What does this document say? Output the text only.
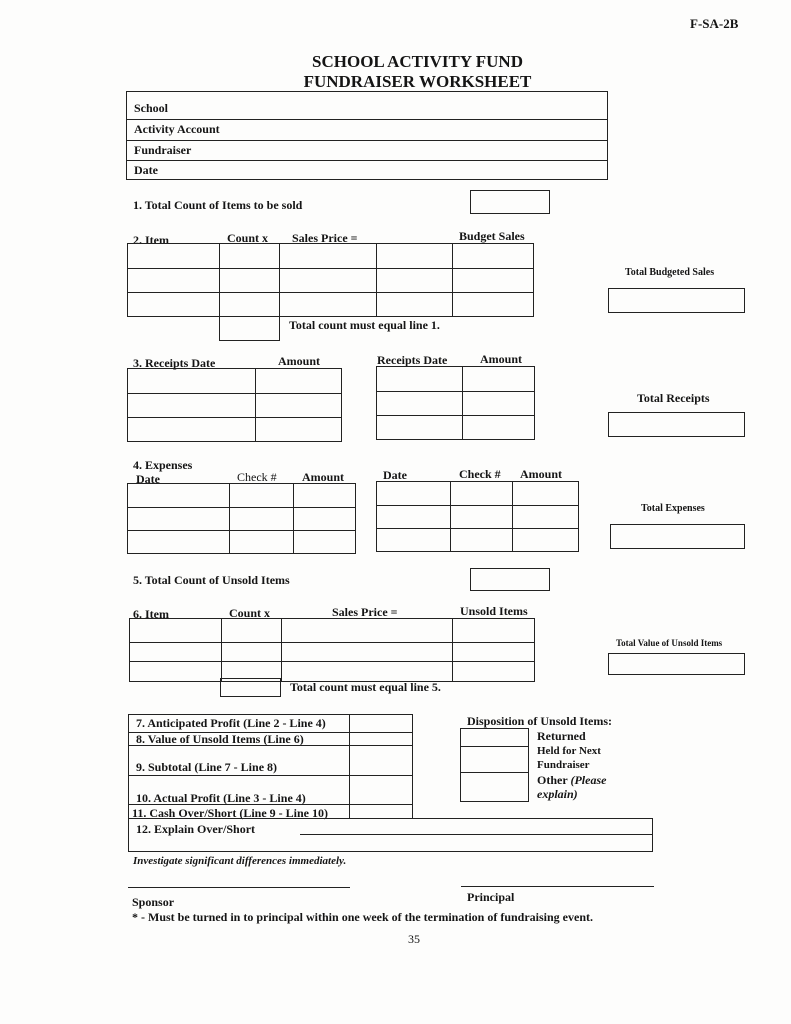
F-SA-2B
SCHOOL ACTIVITY FUND
FUNDRAISER WORKSHEET
School
Activity Account
Fundraiser
Date
1. Total Count of Items to be sold
2. Item	Count x Sales Price =	Budget Sales

Total count must equal line 1.
Total Budgeted Sales
3. Receipts Date	Amount	Receipts Date	Amount

Total Receipts
4. Expenses
Date	Check # Amount	Date	Check # Amount

Total Expenses
5. Total Count of Unsold Items
6. Item	Count x	Sales Price =	Unsold Items

Total count must equal line 5.
Total Value of Unsold Items
7. Anticipated Profit (Line 2 - Line 4)
8. Value of Unsold Items (Line 6)
9. Subtotal (Line 7 - Line 8)
10. Actual Profit (Line 3 - Line 4)
11. Cash Over/Short (Line 9 - Line 10)
12. Explain Over/Short
Disposition of Unsold Items:
Returned
Held for Next
Fundraiser
Other (Please
explain)
Investigate significant differences immediately.
Sponsor	Principal
* - Must be turned in to principal within one week of the termination of fundraising event.
35
